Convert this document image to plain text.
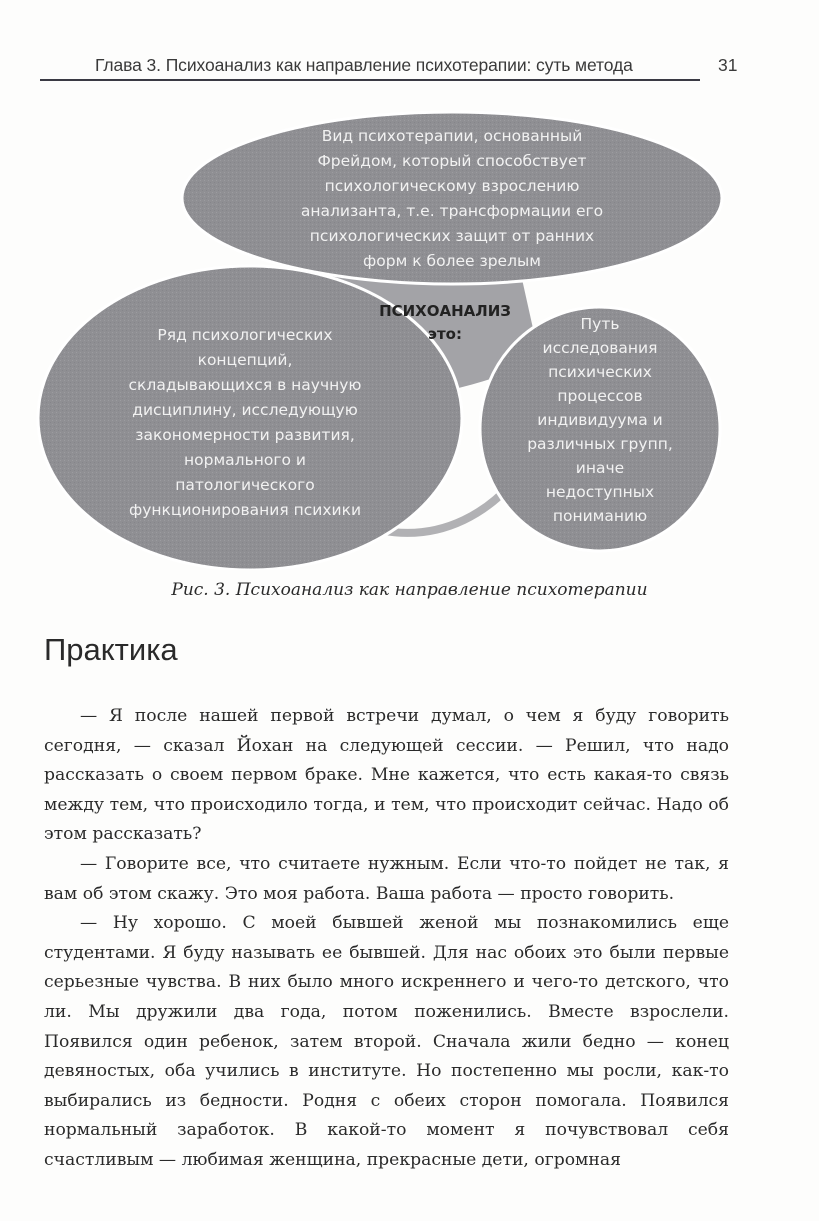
Глава 3. Психоанализ как направление психотерапии: суть метода	31
Вид психотерапии, основанный
Фрейдом, который способствует
психологическому взрослению
анализанта, т.е. трансформации его
психологических защит от ранних
форм к более зрелым
ПСИХОАНАЛИЗ
это:
Ряд психологических
концепций,
складывающихся в научную
дисциплину, исследующую
закономерности развития,
нормального и
патологического
функционирования психики
Путь
исследования
психических
процессов
индивидуума и
различных групп,
иначе
недоступных
пониманию
Рис. 3. Психоанализ как направление психотерапии
Практика

— Я после нашей первой встречи думал, о чем я буду говорить сегодня, — сказал Йохан на следующей сессии. — Решил, что надо рассказать о своем первом браке. Мне кажется, что есть какая-то связь между тем, что происходило тогда, и тем, что происходит сейчас. Надо об этом рассказать?

— Говорите все, что считаете нужным. Если что-то пойдет не так, я вам об этом скажу. Это моя работа. Ваша работа — просто говорить.

— Ну хорошо. С моей бывшей женой мы познакомились еще студентами. Я буду называть ее бывшей. Для нас обоих это были первые серьезные чувства. В них было много искреннего и чего-то детского, что ли. Мы дружили два года, потом поженились. Вместе взрослели. Появился один ребенок, затем второй. Сначала жили бедно — конец девяностых, оба учились в институте. Но постепенно мы росли, как-то выбирались из бедности. Родня с обеих сторон помогала. Появился нормальный заработок. В какой-то момент я почувствовал себя счастливым — любимая женщина, прекрасные дети, огромная
